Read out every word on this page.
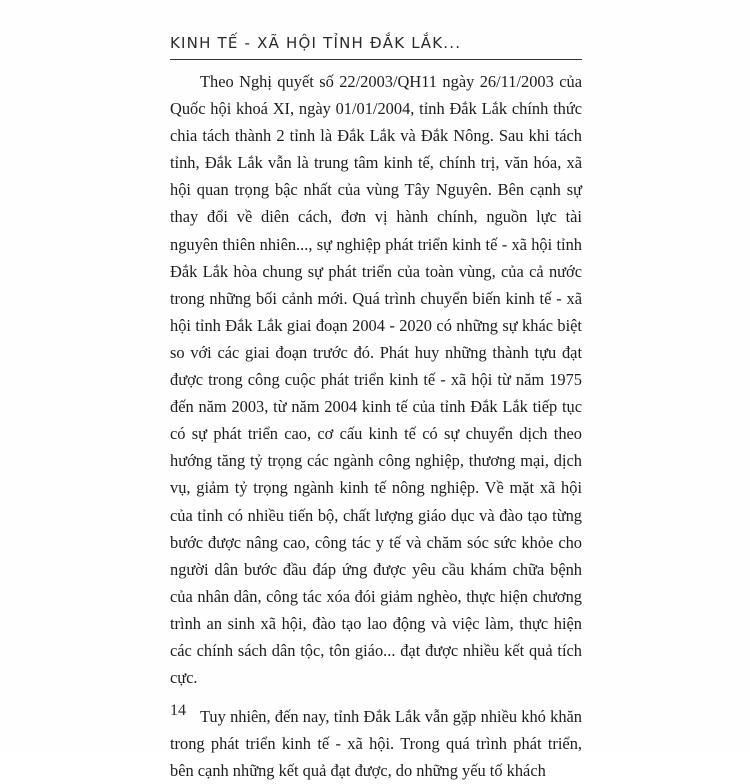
KINH TẾ - XÃ HỘI TỈNH ĐẮK LẮK...

Theo Nghị quyết số 22/2003/QH11 ngày 26/11/2003 của Quốc hội khoá XI, ngày 01/01/2004, tỉnh Đắk Lắk chính thức chia tách thành 2 tỉnh là Đắk Lắk và Đắk Nông. Sau khi tách tỉnh, Đắk Lắk vẫn là trung tâm kinh tế, chính trị, văn hóa, xã hội quan trọng bậc nhất của vùng Tây Nguyên. Bên cạnh sự thay đổi về diên cách, đơn vị hành chính, nguồn lực tài nguyên thiên nhiên..., sự nghiệp phát triển kinh tế - xã hội tỉnh Đắk Lắk hòa chung sự phát triển của toàn vùng, của cả nước trong những bối cảnh mới. Quá trình chuyển biến kinh tế - xã hội tỉnh Đắk Lắk giai đoạn 2004 - 2020 có những sự khác biệt so với các giai đoạn trước đó. Phát huy những thành tựu đạt được trong công cuộc phát triển kinh tế - xã hội từ năm 1975 đến năm 2003, từ năm 2004 kinh tế của tỉnh Đắk Lắk tiếp tục có sự phát triển cao, cơ cấu kinh tế có sự chuyển dịch theo hướng tăng tỷ trọng các ngành công nghiệp, thương mại, dịch vụ, giảm tỷ trọng ngành kinh tế nông nghiệp. Về mặt xã hội của tỉnh có nhiều tiến bộ, chất lượng giáo dục và đào tạo từng bước được nâng cao, công tác y tế và chăm sóc sức khỏe cho người dân bước đầu đáp ứng được yêu cầu khám chữa bệnh của nhân dân, công tác xóa đói giảm nghèo, thực hiện chương trình an sinh xã hội, đào tạo lao động và việc làm, thực hiện các chính sách dân tộc, tôn giáo... đạt được nhiều kết quả tích cực.

Tuy nhiên, đến nay, tỉnh Đắk Lắk vẫn gặp nhiều khó khăn trong phát triển kinh tế - xã hội. Trong quá trình phát triển, bên cạnh những kết quả đạt được, do những yếu tố khách

14
